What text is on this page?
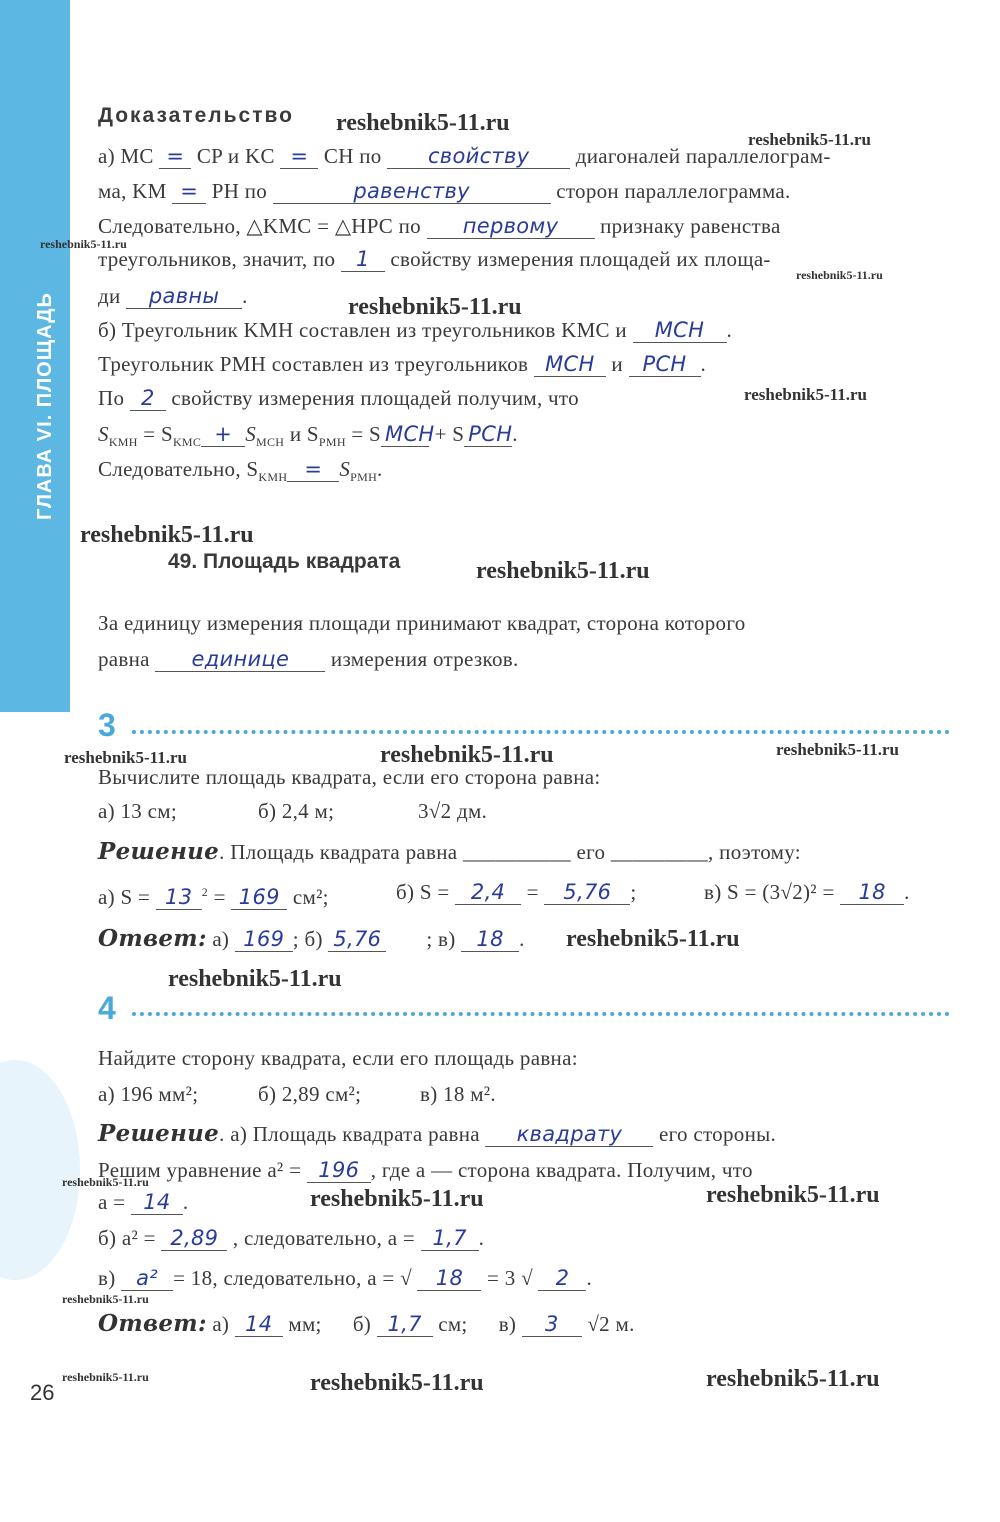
ГЛАВА VI. ПЛОЩАДЬ
Доказательство
а) MC = CP и KC = CH по свойству диагоналей параллелограм-
ма, KM = PH по	равенству	сторон параллелограмма.
Следовательно, △KMC = △HPC по первому признаку равенства
треугольников, значит, по 1 свойству измерения площадей их площа-
ди равны .
б) Треугольник KMH составлен из треугольников KMC и MCH .
Треугольник PMH составлен из треугольников MCH и PCH .
По 2 свойству измерения площадей получим, что
$S_{KMH} = S_{KMC} + S_{MCH}$ и $S_{PMH} = S$ MCH + S PCH.
Следовательно, $S_{KMH} = S_{PMH}$.
49. Площадь квадрата
За единицу измерения площади принимают квадрат, сторона которого
равна единице измерения отрезков.
3
Вычислите площадь квадрата, если его сторона равна:
а) 13 см;	б) 2,4 м;	3√2 дм.
Решение. Площадь квадрата равна __________ его _________, поэтому:
а) S = 13 $^2$ = 169 см²;	б) S = 2,4 = 5,76 ;	в) S = (3√2)² = 18 .
Ответ: а) 169 ; б) 5,76 ; в) 18 .
4
Найдите сторону квадрата, если его площадь равна:
а) 196 мм²;	б) 2,89 см²;	в) 18 м².
Решение. а) Площадь квадрата равна квадрату его стороны.
Решим уравнение a² = 196 , где a — сторона квадрата. Получим, что
a = 14 .
б) a² = 2,89 , следовательно, a = 1,7 .
в) a² = 18, следовательно, a = √ 18 = 3 √ 2 .
Ответ: а) 14 мм; б) 1,7 см; в) 3 √2 м.
26
reshebnik5-11.ru
reshebnik5-11.ru
reshebnik5-11.ru
reshebnik5-11.ru
reshebnik5-11.ru
reshebnik5-11.ru
reshebnik5-11.ru
reshebnik5-11.ru
reshebnik5-11.ru	reshebnik5-11.ru	reshebnik5-11.ru
reshebnik5-11.ru
reshebnik5-11.ru
reshebnik5-11.ru
reshebnik5-11.ru	reshebnik5-11.ru
reshebnik5-11.ru
reshebnik5-11.ru	reshebnik5-11.ru	reshebnik5-11.ru
